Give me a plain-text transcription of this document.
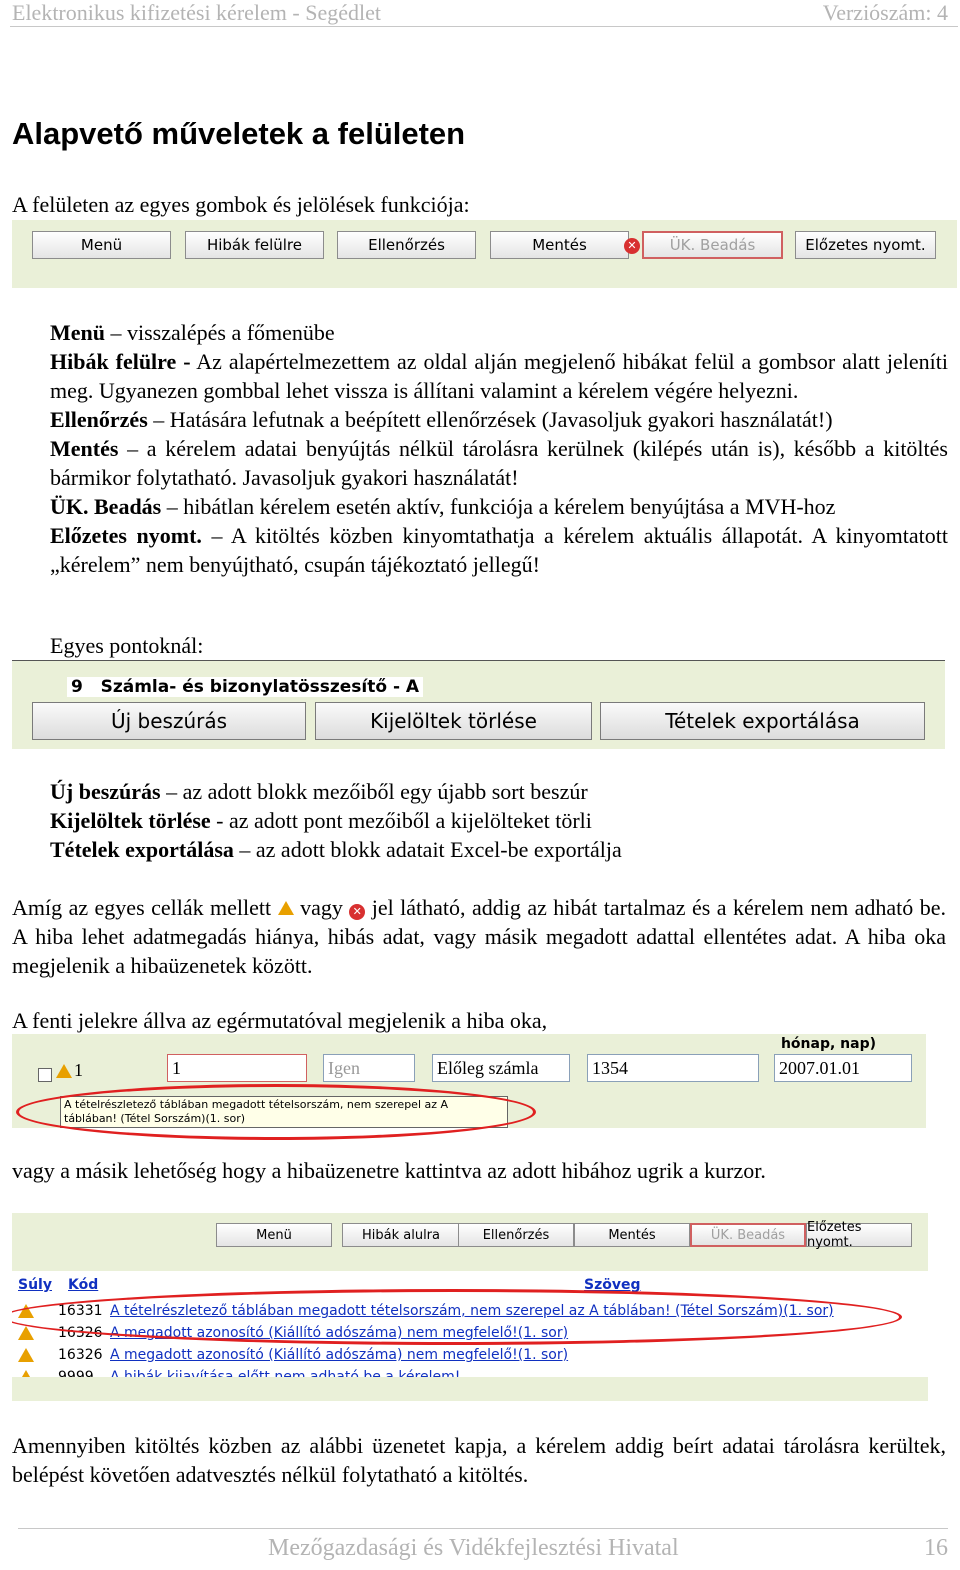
Elektronikus kifizetési kérelem - Segédlet	Verziószám: 4
Alapvető műveletek a felületen
A felületen az egyes gombok és jelölések funkciója:
Menü	Hibák felülre	Ellenőrzés	Mentés	✕	ÜK. Beadás	Előzetes nyomt.
Menü – visszalépés a főmenübe
Hibák felülre - Az alapértelmezettem az oldal alján megjelenő hibákat felül a gombsor alatt jeleníti meg. Ugyanezen gombbal lehet vissza is állítani valamint a kérelem végére helyezni.
Ellenőrzés – Hatására lefutnak a beépített ellenőrzések (Javasoljuk gyakori használatát!)
Mentés – a kérelem adatai benyújtás nélkül tárolásra kerülnek (kilépés után is), később a kitöltés bármikor folytatható. Javasoljuk gyakori használatát!
ÜK. Beadás – hibátlan kérelem esetén aktív, funkciója a kérelem benyújtása a MVH-hoz
Előzetes nyomt. – A kitöltés közben kinyomtathatja a kérelem aktuális állapotát. A kinyomtatott „kérelem” nem benyújtható, csupán tájékoztató jellegű!
Egyes pontoknál:
9 Számla- és bizonylatösszesítő - A
Új beszúrás	Kijelöltek törlése	Tételek exportálása
Új beszúrás – az adott blokk mezőiből egy újabb sort beszúr
Kijelöltek törlése - az adott pont mezőiből a kijelölteket törli
Tételek exportálása – az adott blokk adatait Excel-be exportálja
Amíg az egyes cellák mellett vagy ✕ jel látható, addig az hibát tartalmaz és a kérelem nem adható be. A hiba lehet adatmegadás hiánya, hibás adat, vagy másik megadott adattal ellentétes adat. A hiba oka megjelenik a hibaüzenetek között.
A fenti jelekre állva az egérmutatóval megjelenik a hiba oka,
hónap, nap)

1	1	Igen	Előleg számla	1354	2007.01.01
A tételrészletező táblában megadott tételsorszám, nem szerepel az A táblában! (Tétel Sorszám)(1. sor)
vagy a másik lehetőség hogy a hibaüzenetre kattintva az adott hibához ugrik a kurzor.
Menü	Hibák alulra	Ellenőrzés	Mentés	ÜK. Beadás	Előzetes nyomt.
Súly Kód	Szöveg
16331 A tételrészletező táblában megadott tételsorszám, nem szerepel az A táblában! (Tétel Sorszám)(1. sor)
16326 A megadott azonosító (Kiállító adószáma) nem megfelelő!(1. sor)
16326 A megadott azonosító (Kiállító adószáma) nem megfelelő!(1. sor)
Amennyiben kitöltés közben az alábbi üzenetet kapja, a kérelem addig beírt adatai tárolásra kerültek, belépést követően adatvesztés nélkül folytatható a kitöltés.
Mezőgazdasági és Vidékfejlesztési Hivatal	16
